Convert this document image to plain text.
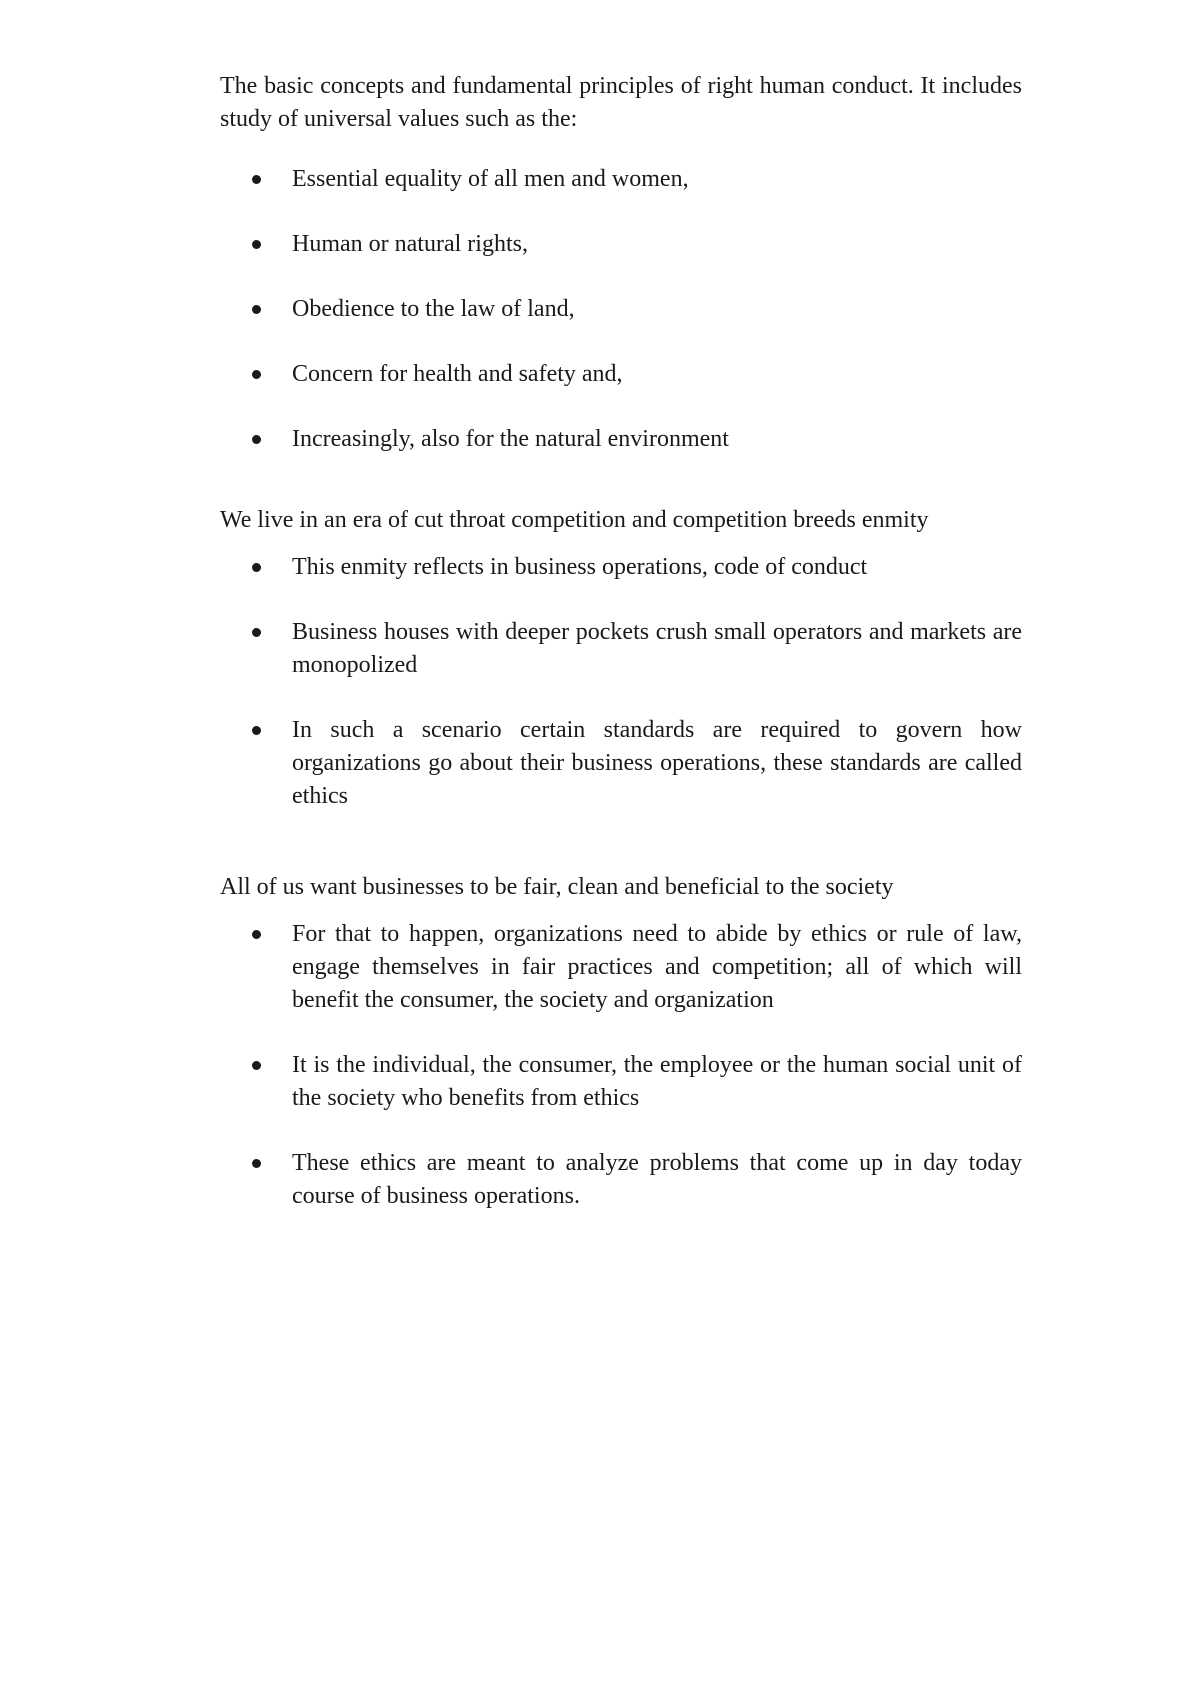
The basic concepts and fundamental principles of right human conduct. It includes study of universal values such as the:

Essential equality of all men and women,
Human or natural rights,
Obedience to the law of land,
Concern for health and safety and,
Increasingly, also for the natural environment

We live in an era of cut throat competition and competition breeds enmity

This enmity reflects in business operations, code of conduct
Business houses with deeper pockets crush small operators and markets are monopolized
In such a scenario certain standards are required to govern how organizations go about their business operations, these standards are called ethics

All of us want businesses to be fair, clean and beneficial to the society

For that to happen, organizations need to abide by ethics or rule of law, engage themselves in fair practices and competition; all of which will benefit the consumer, the society and organization
It is the individual, the consumer, the employee or the human social unit of the society who benefits from ethics
These ethics are meant to analyze problems that come up in day today course of business operations.
